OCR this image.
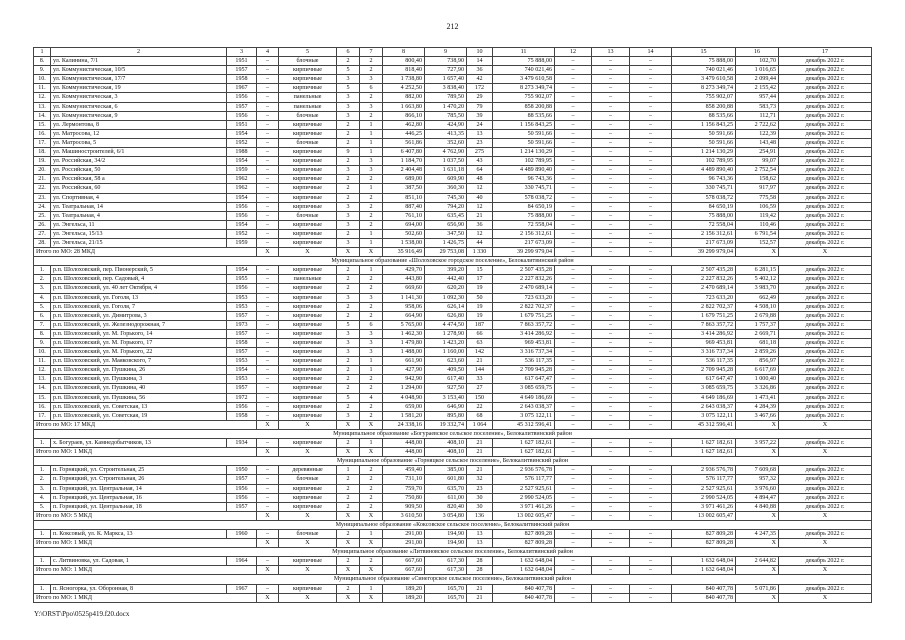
212
1	2	3	4	5	6	7	8	9	10	11	12	13	14	15	16	17
8.	ул. Калинина, 7/1	1951	–	блочные	2	2	800,40	738,90	14	75 888,00	–	–	–	75 888,00	102,70	декабрь 2022 г.
9.	ул. Коммунистическая, 10/5	1957	–	кирпичные	5	2	818,40	727,90	36	740 021,46	–	–	–	740 021,46	1 016,65	декабрь 2022 г.
10.	ул. Коммунистическая, 17/7	1958	–	кирпичные	3	3	1 738,80	1 657,40	42	3 479 610,58	–	–	–	3 479 610,58	2 099,44	декабрь 2022 г.
11.	ул. Коммунистическая, 19	1967	–	кирпичные	5	6	4 252,50	3 838,40	172	8 273 349,74	–	–	–	8 273 349,74	2 155,42	декабрь 2022 г.
12.	ул. Коммунистическая, 3	1956	–	панельные	3	2	882,00	789,50	29	755 902,07	–	–	–	755 902,07	957,44	декабрь 2022 г.
13.	ул. Коммунистическая, 6	1957	–	панельные	3	3	1 663,80	1 470,20	79	858 200,88	–	–	–	858 200,88	583,73	декабрь 2022 г.
14.	ул. Коммунистическая, 9	1956	–	блочные	3	2	866,10	785,50	39	88 535,66	–	–	–	88 535,66	112,71	декабрь 2022 г.
15.	ул. Лермонтова, 8	1951	–	кирпичные	2	1	462,80	424,90	24	1 156 843,25	–	–	–	1 156 843,25	2 722,62	декабрь 2022 г.
16.	ул. Матросова, 12	1954	–	кирпичные	2	1	446,25	413,35	13	50 591,66	–	–	–	50 591,66	122,39	декабрь 2022 г.
17.	ул. Матросова, 5	1952	–	блочные	2	1	561,86	352,60	23	50 591,66	–	–	–	50 591,66	143,48	декабрь 2022 г.
18.	ул. Машиностроителей, 6/1	1988	–	кирпичные	9	1	6 407,80	4 762,90	275	1 214 130,29	–	–	–	1 214 130,29	254,91	декабрь 2022 г.
19.	ул. Российская, 34/2	1954	–	кирпичные	2	3	1 184,70	1 037,50	43	102 789,95	–	–	–	102 789,95	99,07	декабрь 2022 г.
20.	ул. Российская, 50	1959	–	кирпичные	3	3	2 404,48	1 631,18	64	4 489 890,40	–	–	–	4 489 890,40	2 752,54	декабрь 2022 г.
21.	ул. Российская, 58 а	1962	–	кирпичные	2	2	689,00	609,90	48	96 743,36	–	–	–	96 743,36	158,62	декабрь 2022 г.
22.	ул. Российская, 60	1962	–	кирпичные	2	1	387,50	360,30	12	330 745,71	–	–	–	330 745,71	917,97	декабрь 2022 г.
23.	ул. Спортивная, 4	1954	–	кирпичные	2	2	851,10	745,30	40	578 038,72	–	–	–	578 038,72	775,58	декабрь 2022 г.
24.	ул. Театральная, 14	1956	–	кирпичные	3	2	887,40	794,20	12	84 650,19	–	–	–	84 650,19	106,59	декабрь 2022 г.
25.	ул. Театральная, 4	1956	–	блочные	3	2	761,10	635,45	21	75 888,00	–	–	–	75 888,00	119,42	декабрь 2022 г.
26.	ул. Энгельса, 11	1954	–	кирпичные	3	2	694,00	656,90	36	72 558,04	–	–	–	72 558,04	110,46	декабрь 2022 г.
27.	ул. Энгельса, 15/13	1952	–	кирпичные	2	1	502,60	347,50	12	2 156 312,61	–	–	–	2 156 312,61	6 791,54	декабрь 2022 г.
28.	ул. Энгельса, 21/15	1959	–	кирпичные	3	1	1 538,00	1 426,75	44	217 673,09	–	–	–	217 673,09	152,57	декабрь 2022 г.
Итого по МО: 28 МКД			X	X	X	X	35 916,49	29 753,08	1 330	39 299 979,04	–	–	–	39 299 979,04	X	X
Муниципальное образование «Шолоховское городское поселение», Белокалитвинский район																
1.	р.п. Шолоховский, пер. Пионерский, 5	1954	–	кирпичные	2	1	429,70	399,20	15	2 507 435,28	–	–	–	2 507 435,28	6 281,15	декабрь 2022 г.
2.	р.п. Шолоховский, пер. Садовый, 4	1955	–	панельные	2	2	443,80	442,40	17	2 227 832,26	–	–	–	2 227 832,26	5 402,12	декабрь 2022 г.
3.	р.п. Шолоховский, ул. 40 лет Октября, 4	1956	–	кирпичные	2	2	669,60	620,20	19	2 470 689,14	–	–	–	2 470 689,14	3 983,70	декабрь 2022 г.
4.	р.п. Шолоховский, ул. Гоголя, 13	1953	–	кирпичные	3	3	1 141,30	1 092,30	50	723 633,20	–	–	–	723 633,20	662,49	декабрь 2022 г.
5.	р.п. Шолоховский, ул. Гоголя, 7	1953	–	кирпичные	2	2	958,06	626,14	19	2 822 702,37	–	–	–	2 822 702,37	4 508,10	декабрь 2022 г.
6.	р.п. Шолоховский, ул. Димитрова, 3	1957	–	кирпичные	2	2	664,90	626,80	19	1 679 751,25	–	–	–	1 679 751,25	2 679,88	декабрь 2022 г.
7.	р.п. Шолоховский, ул. Железнодорожная, 7	1973	–	кирпичные	5	6	5 765,00	4 474,50	187	7 863 357,72	–	–	–	7 863 357,72	1 757,37	декабрь 2022 г.
8.	р.п. Шолоховский, ул. М. Горького, 14	1957	–	кирпичные	3	3	1 462,30	1 278,90	66	3 414 286,92	–	–	–	3 414 286,92	2 669,71	декабрь 2022 г.
9.	р.п. Шолоховский, ул. М. Горького, 17	1958	–	кирпичные	3	3	1 479,80	1 423,20	63	969 453,81	–	–	–	969 453,81	681,18	декабрь 2022 г.
10.	р.п. Шолоховский, ул. М. Горького, 22	1957	–	кирпичные	3	3	1 488,00	1 160,00	142	3 316 737,34	–	–	–	3 316 737,34	2 859,26	декабрь 2022 г.
11.	р.п. Шолоховский, ул. Маяковского, 7	1953	–	кирпичные	2	1	661,90	623,60	21	536 117,35	–	–	–	536 117,35	856,97	декабрь 2022 г.
12.	р.п. Шолоховский, ул. Пушкина, 26	1954	–	кирпичные	2	1	427,90	409,50	144	2 709 945,28	–	–	–	2 709 945,28	6 617,69	декабрь 2022 г.
13.	р.п. Шолоховский, ул. Пушкина, 3	1953	–	кирпичные	2	2	942,90	617,40	33	617 647,47	–	–	–	617 647,47	1 000,40	декабрь 2022 г.
14.	р.п. Шолоховский, ул. Пушкина, 40	1957	–	кирпичные	2	2	1 294,00	927,50	27	3 085 659,75	–	–	–	3 085 659,75	3 326,86	декабрь 2022 г.
15.	р.п. Шолоховский, ул. Пушкина, 56	1972	–	кирпичные	5	4	4 048,90	3 153,40	150	4 649 186,69	–	–	–	4 649 186,69	1 473,41	декабрь 2022 г.
16.	р.п. Шолоховский, ул. Советская, 13	1956	–	кирпичные	2	2	659,00	646,90	22	2 643 038,37	–	–	–	2 643 038,37	4 284,39	декабрь 2022 г.
17.	р.п. Шолоховский, ул. Советская, 19	1958	–	кирпичные	3	2	1 581,20	895,80	68	3 075 122,11	–	–	–	3 075 122,11	3 467,66	декабрь 2022 г.
Итого по МО: 17 МКД			X	X	X	X	24 338,16	19 332,74	1 064	45 312 596,41	–	–	–	45 312 596,41	X	X
Муниципальное образование «Богураевское сельское поселение», Белокалитвинский район																
1.	х. Богураев, ул. Камнедобытчиков, 13	1934	–	кирпичные	2	1	448,00	408,10	21	1 627 182,61	–	–	–	1 627 182,61	3 957,22	декабрь 2022 г.
Итого по МО: 1 МКД			X	X	X	X	448,00	408,10	21	1 627 182,61	–	–	–	1 627 182,61	X	X
Муниципальное образование «Горняцкое сельское поселение», Белокалитвинский район																
1.	п. Горняцкий, ул. Строительная, 25	1950	–	деревянные	1	2	459,40	385,00	21	2 936 576,78	–	–	–	2 936 576,78	7 609,68	декабрь 2022 г.
2.	п. Горняцкий, ул. Строительная, 26	1957	–	блочные	2	2	731,10	601,80	32	576 117,77	–	–	–	576 117,77	957,32	декабрь 2022 г.
3.	п. Горняцкий, ул. Центральная, 14	1956	–	кирпичные	2	2	759,70	635,70	23	2 527 925,61	–	–	–	2 527 925,61	3 976,60	декабрь 2022 г.
4.	п. Горняцкий, ул. Центральная, 16	1956	–	кирпичные	2	2	750,80	611,00	30	2 990 524,05	–	–	–	2 990 524,05	4 894,47	декабрь 2022 г.
5.	п. Горняцкий, ул. Центральная, 18	1957	–	кирпичные	2	2	909,50	820,40	30	3 971 461,26	–	–	–	3 971 461,26	4 840,88	декабрь 2022 г.
Итого по МО: 5 МКД			X	X	X	X	3 610,50	3 054,80	136	13 002 605,47	–	–	–	13 002 605,47	X	X
Муниципальное образование «Коксовское сельское поселение», Белокалитвинский район																
1.	п. Коксовый, ул. К. Маркса, 13	1960	–	блочные	2	1	291,00	194,90	13	827 809,28	–	–	–	827 809,28	4 247,35	декабрь 2022 г.
Итого по МО: 1 МКД			X	X	X	X	291,00	194,90	13	827 809,28	–	–	–	827 809,28	X	X
Муниципальное образование «Литвиновское сельское поселение», Белокалитвинский район																
1.	с. Литвиновка, ул. Садовая, 1	1964	–	кирпичные	2	2	667,60	617,30	28	1 632 648,04	–	–	–	1 632 648,04	2 644,82	декабрь 2022 г.
Итого по МО: 1 МКД			X	X	X	X	667,60	617,30	28	1 632 648,04	–	–	–	1 632 648,04	X	X
Муниципальное образование «Синегорское сельское поселение», Белокалитвинский район																
1.	п. Ясногорка, ул. Оборонная, 8	1967	–	кирпичные	2	1	189,20	165,70	21	840 407,78	–	–	–	840 407,78	5 071,86	декабрь 2022 г.
Итого по МО: 1 МКД			X	X	X	X	189,20	165,70	21	840 407,78	–	–	–	840 407,78	X	X
Y:\ORST\Ppo\0525p419.f20.docx
